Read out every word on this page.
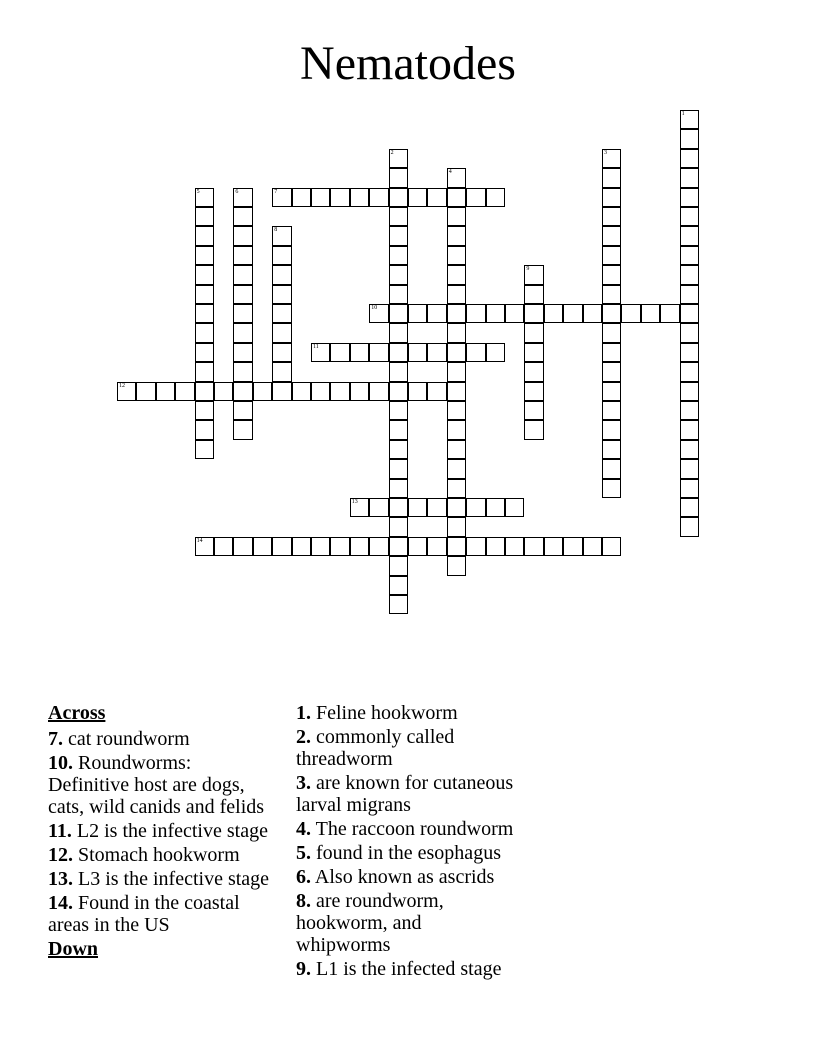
Nematodes
1
2	3
4
5	6	7
8
9
10
11
12
13
14
Across
7. cat roundworm
10. Roundworms: Definitive host are dogs, cats, wild canids and felids
11. L2 is the infective stage
12. Stomach hookworm
13. L3 is the infective stage
14. Found in the coastal areas in the US
Down
1. Feline hookworm
2. commonly called threadworm
3. are known for cutaneous larval migrans
4. The raccoon roundworm
5. found in the esophagus
6. Also known as ascrids
8. are roundworm, hookworm, and whipworms
9. L1 is the infected stage
